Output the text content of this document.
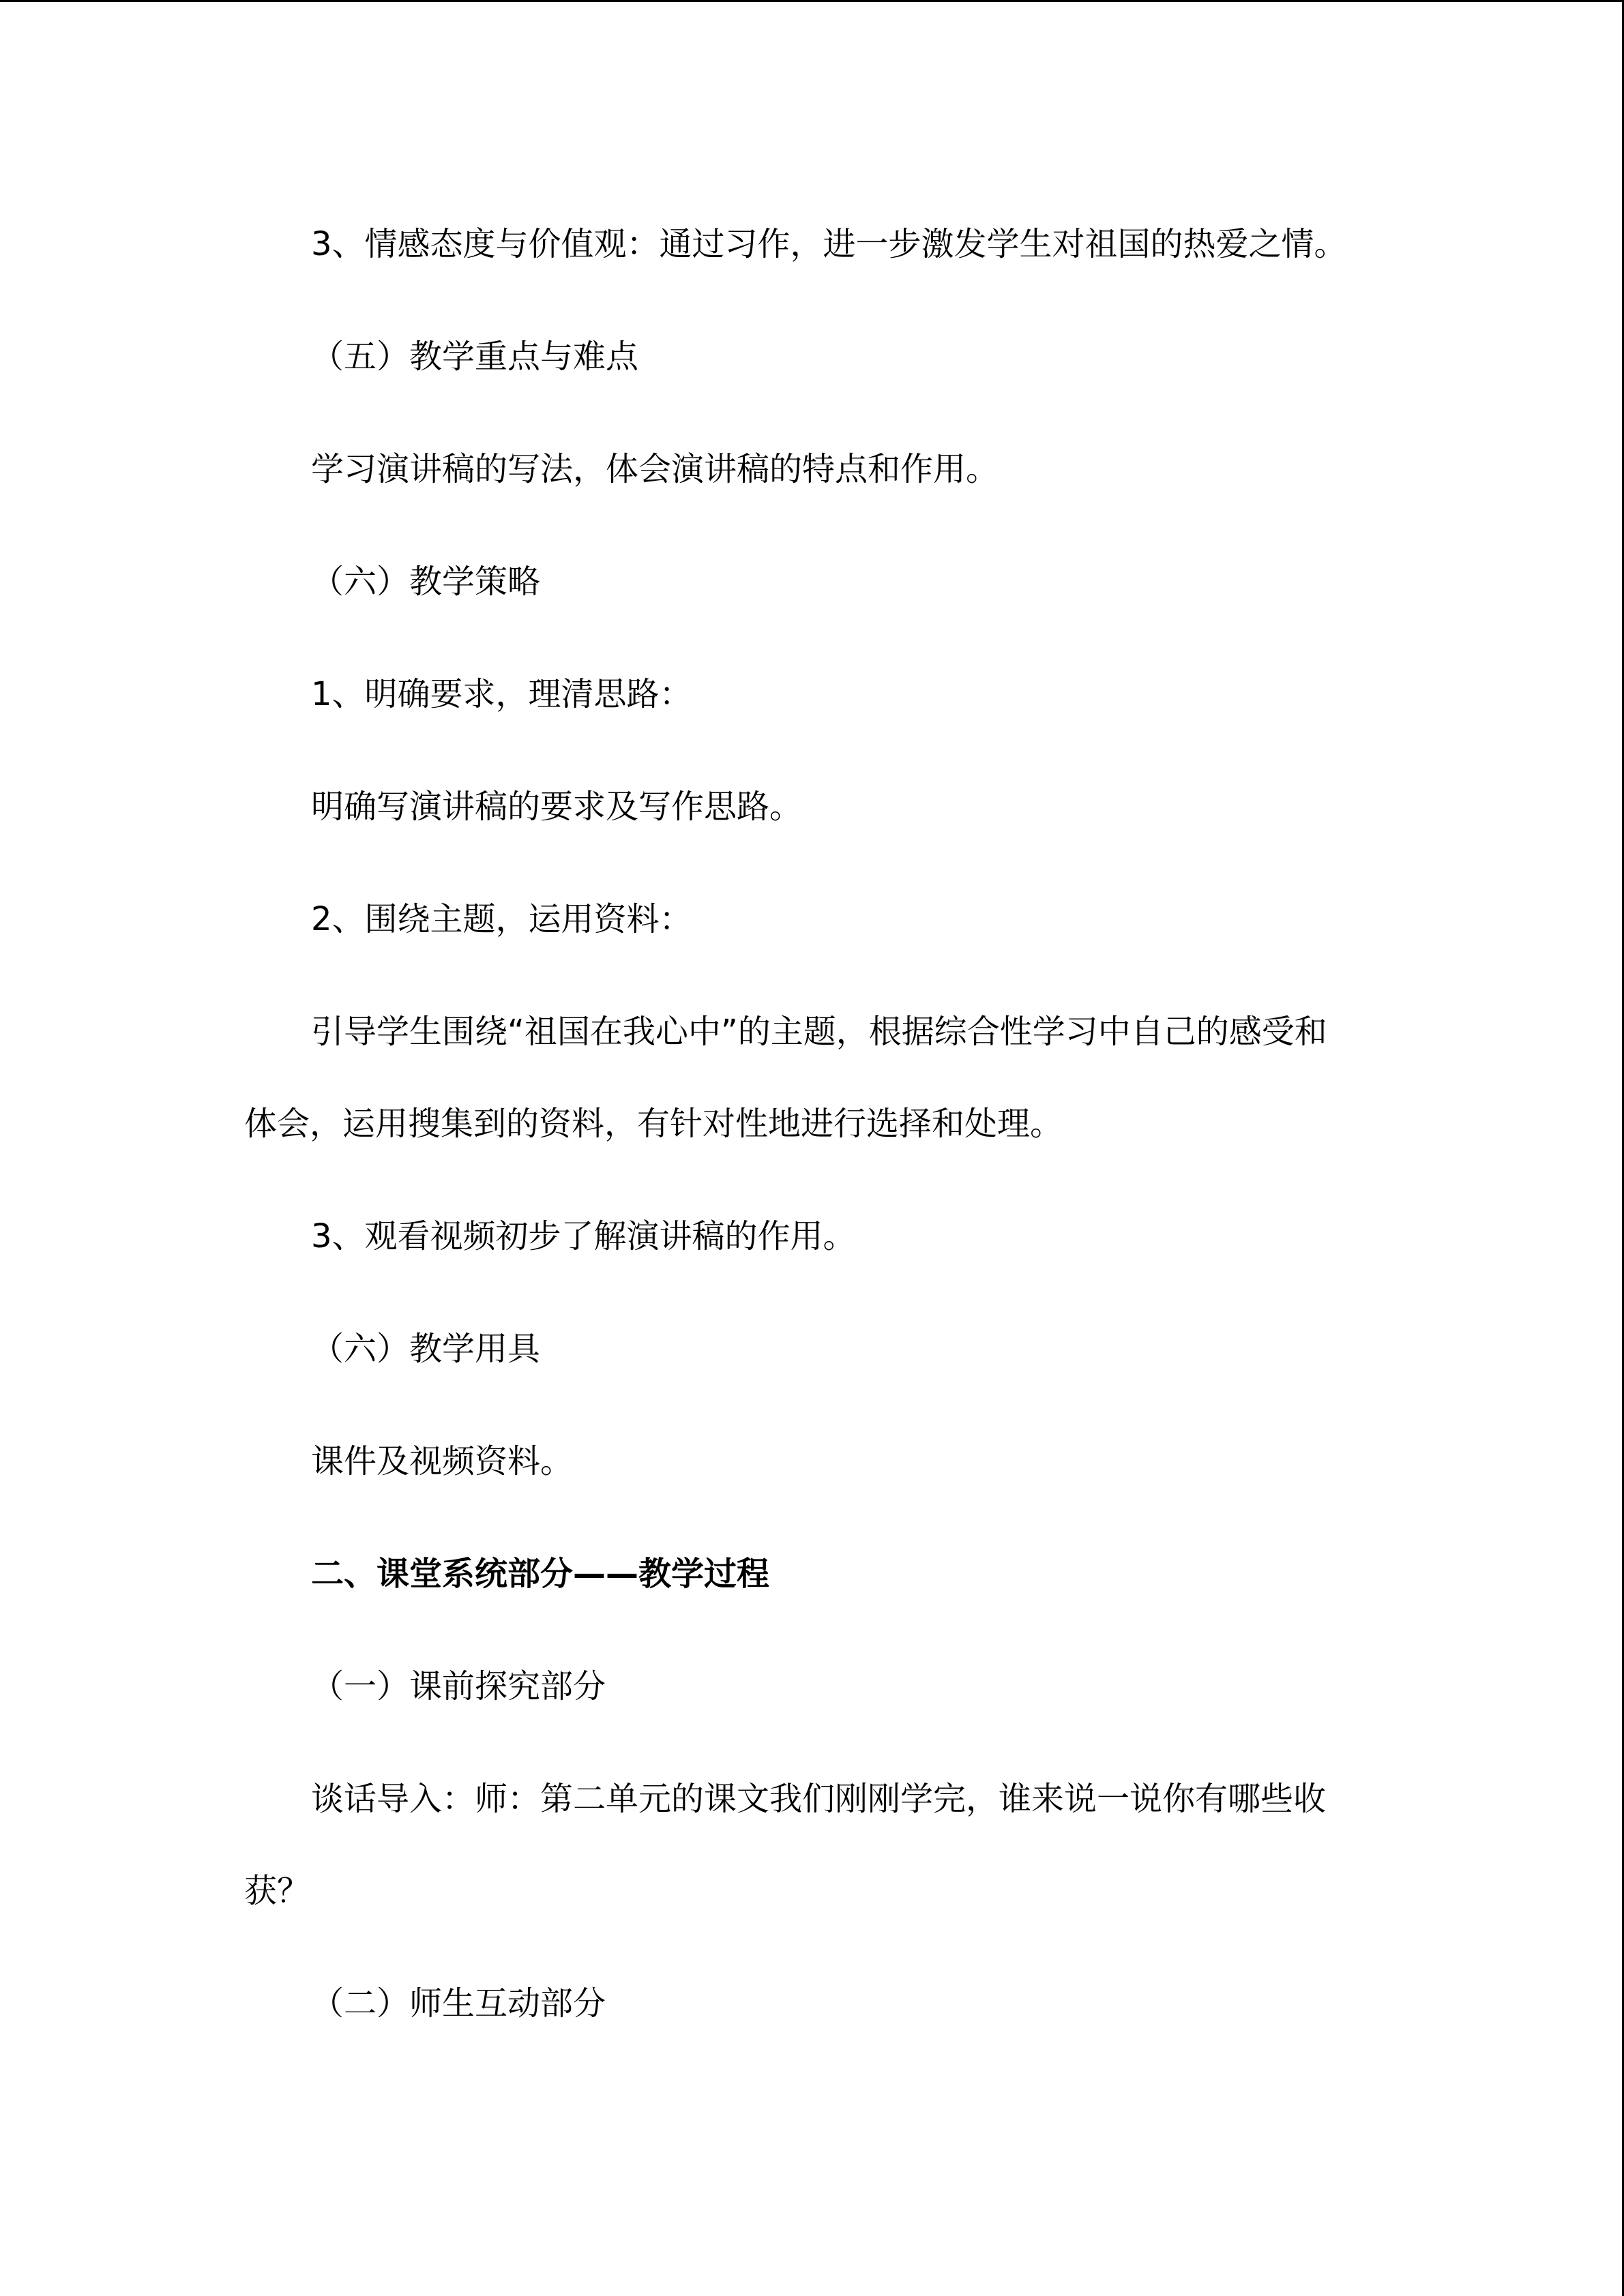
3、情感态度与价值观：通过习作，进一步激发学生对祖国的热爱之情。
（五）教学重点与难点
学习演讲稿的写法，体会演讲稿的特点和作用。
（六）教学策略
1、明确要求，理清思路：
明确写演讲稿的要求及写作思路。
2、围绕主题，运用资料：
引导学生围绕“祖国在我心中”的主题，根据综合性学习中自己的感受和
体会，运用搜集到的资料，有针对性地进行选择和处理。
3、观看视频初步了解演讲稿的作用。
（六）教学用具
课件及视频资料。
二、课堂系统部分——教学过程
（一）课前探究部分
谈话导入：师：第二单元的课文我们刚刚学完，谁来说一说你有哪些收
获？
（二）师生互动部分
